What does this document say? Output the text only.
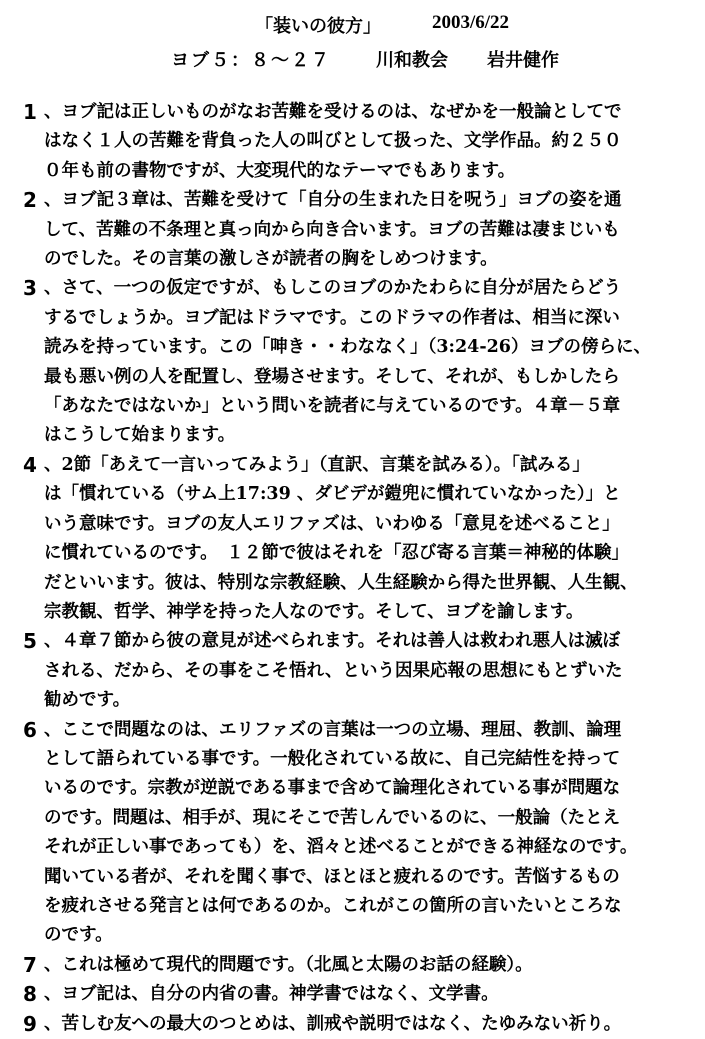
「装いの彼方」	2003/6/22
ヨブ５：８〜２７	川和教会 岩井健作
1 、ヨブ記は正しいものがなお苦難を受けるのは、なぜかを一般論としてで
はなく１人の苦難を背負った人の叫びとして扱った、文学作品。約２５０
０年も前の書物ですが、大変現代的なテーマでもあります。
2 、ヨブ記３章は、苦難を受けて「自分の生まれた日を呪う」ヨブの姿を通
して、苦難の不条理と真っ向から向き合います。ヨブの苦難は凄まじいも
のでした。その言葉の激しさが読者の胸をしめつけます。
3 、さて、一つの仮定ですが、もしこのヨブのかたわらに自分が居たらどう
するでしょうか。ヨブ記はドラマです。このドラマの作者は、相当に深い
読みを持っています。この「呻き・・わななく」（3:24-26）ヨブの傍らに、
最も悪い例の人を配置し、登場させます。そして、それが、もしかしたら
「あなたではないか」という問いを読者に与えているのです。４章－５章
はこうして始まります。
4 、2節「あえて一言いってみよう」（直訳、言葉を試みる）。「試みる」
は「慣れている（サム上17:39 、ダビデが鎧兜に慣れていなかった）」と
いう意味です。ヨブの友人エリファズは、いわゆる「意見を述べること」
に慣れているのです。　１２節で彼はそれを「忍び寄る言葉＝神秘的体験」
だといいます。彼は、特別な宗教経験、人生経験から得た世界観、人生観、
宗教観、哲学、神学を持った人なのです。そして、ヨブを諭します。
5 、４章７節から彼の意見が述べられます。それは善人は救われ悪人は滅ぼ
される、だから、その事をこそ悟れ、という因果応報の思想にもとずいた
勧めです。
6 、ここで問題なのは、エリファズの言葉は一つの立場、理屈、教訓、論理
として語られている事です。一般化されている故に、自己完結性を持って
いるのです。宗教が逆説である事まで含めて論理化されている事が問題な
のです。問題は、相手が、現にそこで苦しんでいるのに、一般論（たとえ
それが正しい事であっても）を、滔々と述べることができる神経なのです。
聞いている者が、それを聞く事で、ほとほと疲れるのです。苦悩するもの
を疲れさせる発言とは何であるのか。これがこの箇所の言いたいところな
のです。
7 、これは極めて現代的問題です。（北風と太陽のお話の経験）。
8 、ヨブ記は、自分の内省の書。神学書ではなく、文学書。
9 、苦しむ友への最大のつとめは、訓戒や説明ではなく、たゆみない祈り。
